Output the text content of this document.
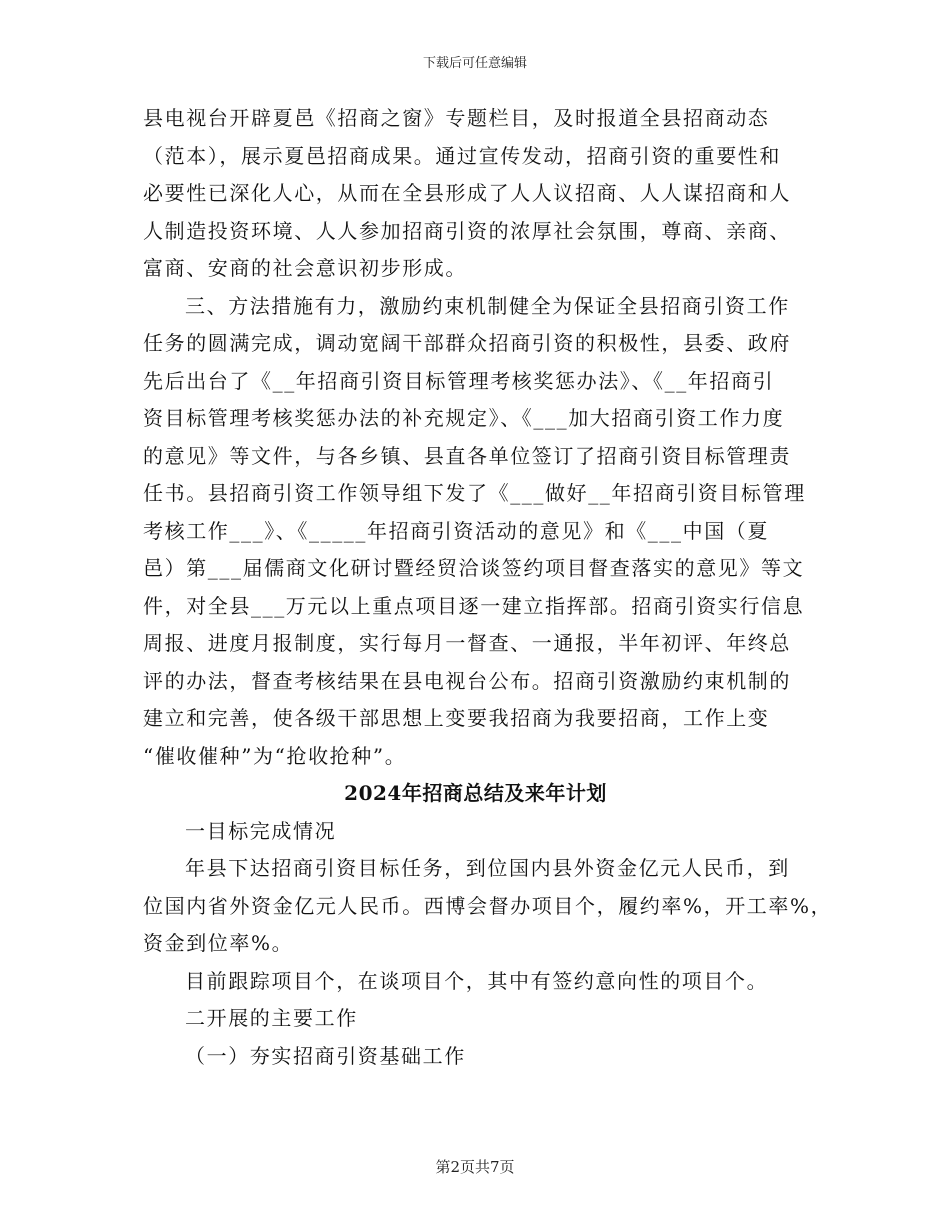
下载后可任意编辑
县电视台开辟夏邑《招商之窗》专题栏目，及时报道全县招商动态
（范本），展示夏邑招商成果。通过宣传发动，招商引资的重要性和
必要性已深化人心，从而在全县形成了人人议招商、人人谋招商和人
人制造投资环境、人人参加招商引资的浓厚社会氛围，尊商、亲商、
富商、安商的社会意识初步形成。
三、方法措施有力，激励约束机制健全为保证全县招商引资工作
任务的圆满完成，调动宽阔干部群众招商引资的积极性，县委、政府
先后出台了《__年招商引资目标管理考核奖惩办法》、《__年招商引
资目标管理考核奖惩办法的补充规定》、《___加大招商引资工作力度
的意见》等文件，与各乡镇、县直各单位签订了招商引资目标管理责
任书。县招商引资工作领导组下发了《___做好__年招商引资目标管理
考核工作___》、《_____年招商引资活动的意见》和《___中国（夏
邑）第___届儒商文化研讨暨经贸洽谈签约项目督查落实的意见》等文
件，对全县___万元以上重点项目逐一建立指挥部。招商引资实行信息
周报、进度月报制度，实行每月一督查、一通报，半年初评、年终总
评的办法，督查考核结果在县电视台公布。招商引资激励约束机制的
建立和完善，使各级干部思想上变要我招商为我要招商，工作上变
“催收催种”为“抢收抢种”。
2024年招商总结及来年计划
一目标完成情况
年县下达招商引资目标任务，到位国内县外资金亿元人民币，到
位国内省外资金亿元人民币。西博会督办项目个，履约率%，开工率%，
资金到位率%。
目前跟踪项目个，在谈项目个，其中有签约意向性的项目个。
二开展的主要工作
（一）夯实招商引资基础工作
第2页共7页
